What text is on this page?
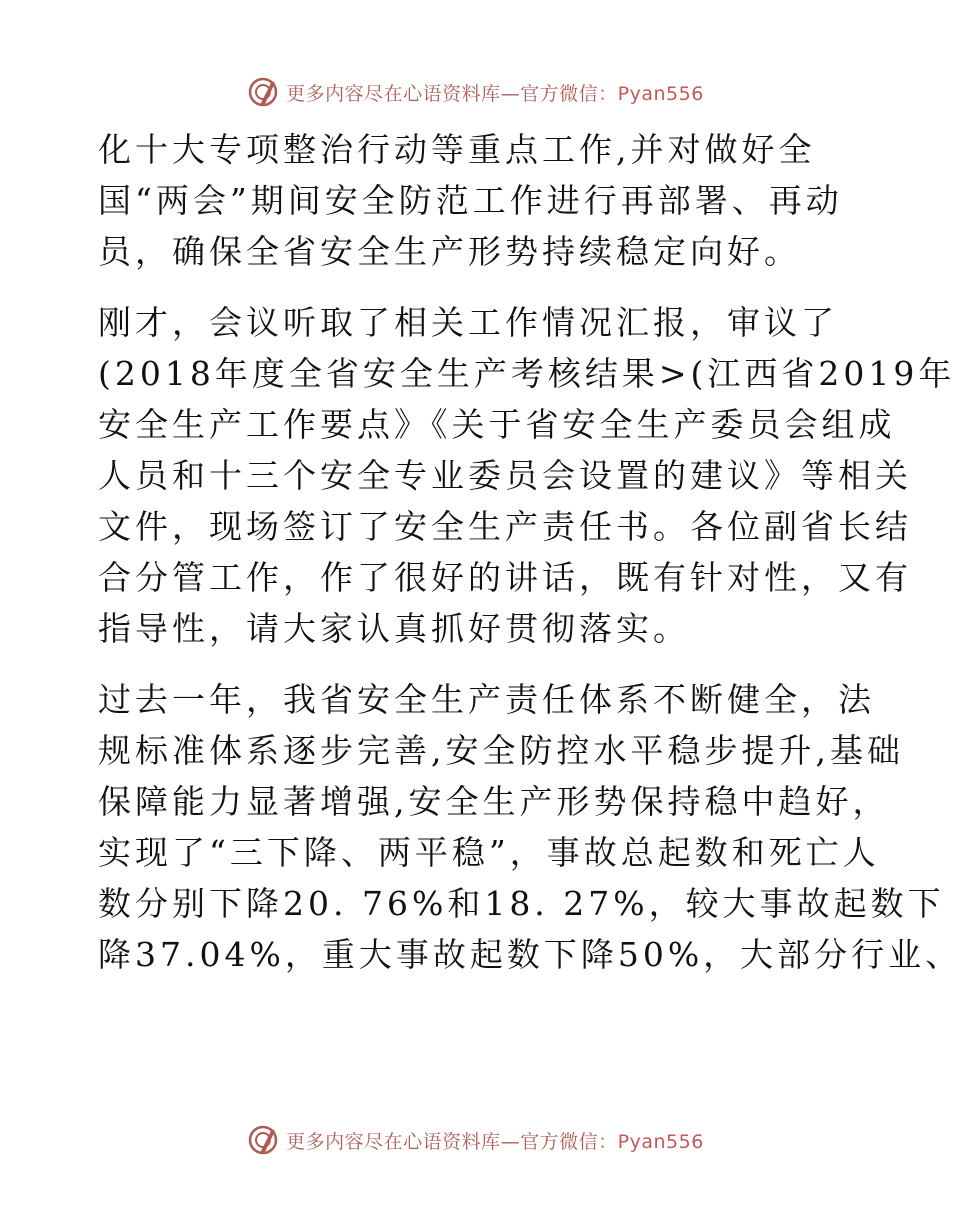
更多内容尽在心语资料库—官方微信：Pyan556
化十大专项整治行动等重点工作,并对做好全
国“两会”期间安全防范工作进行再部署、再动
员，确保全省安全生产形势持续稳定向好。
刚才，会议听取了相关工作情况汇报，审议了
(2018年度全省安全生产考核结果>(江西省2019年
安全生产工作要点》《关于省安全生产委员会组成
人员和十三个安全专业委员会设置的建议》等相关
文件，现场签订了安全生产责任书。各位副省长结
合分管工作，作了很好的讲话，既有针对性，又有
指导性，请大家认真抓好贯彻落实。
过去一年，我省安全生产责任体系不断健全，法
规标准体系逐步完善,安全防控水平稳步提升,基础
保障能力显著增强,安全生产形势保持稳中趋好，
实现了“三下降、两平稳”，事故总起数和死亡人
数分别下降20. 76%和18. 27%，较大事故起数下
降37.04%，重大事故起数下降50%，大部分行业、
更多内容尽在心语资料库—官方微信：Pyan556
